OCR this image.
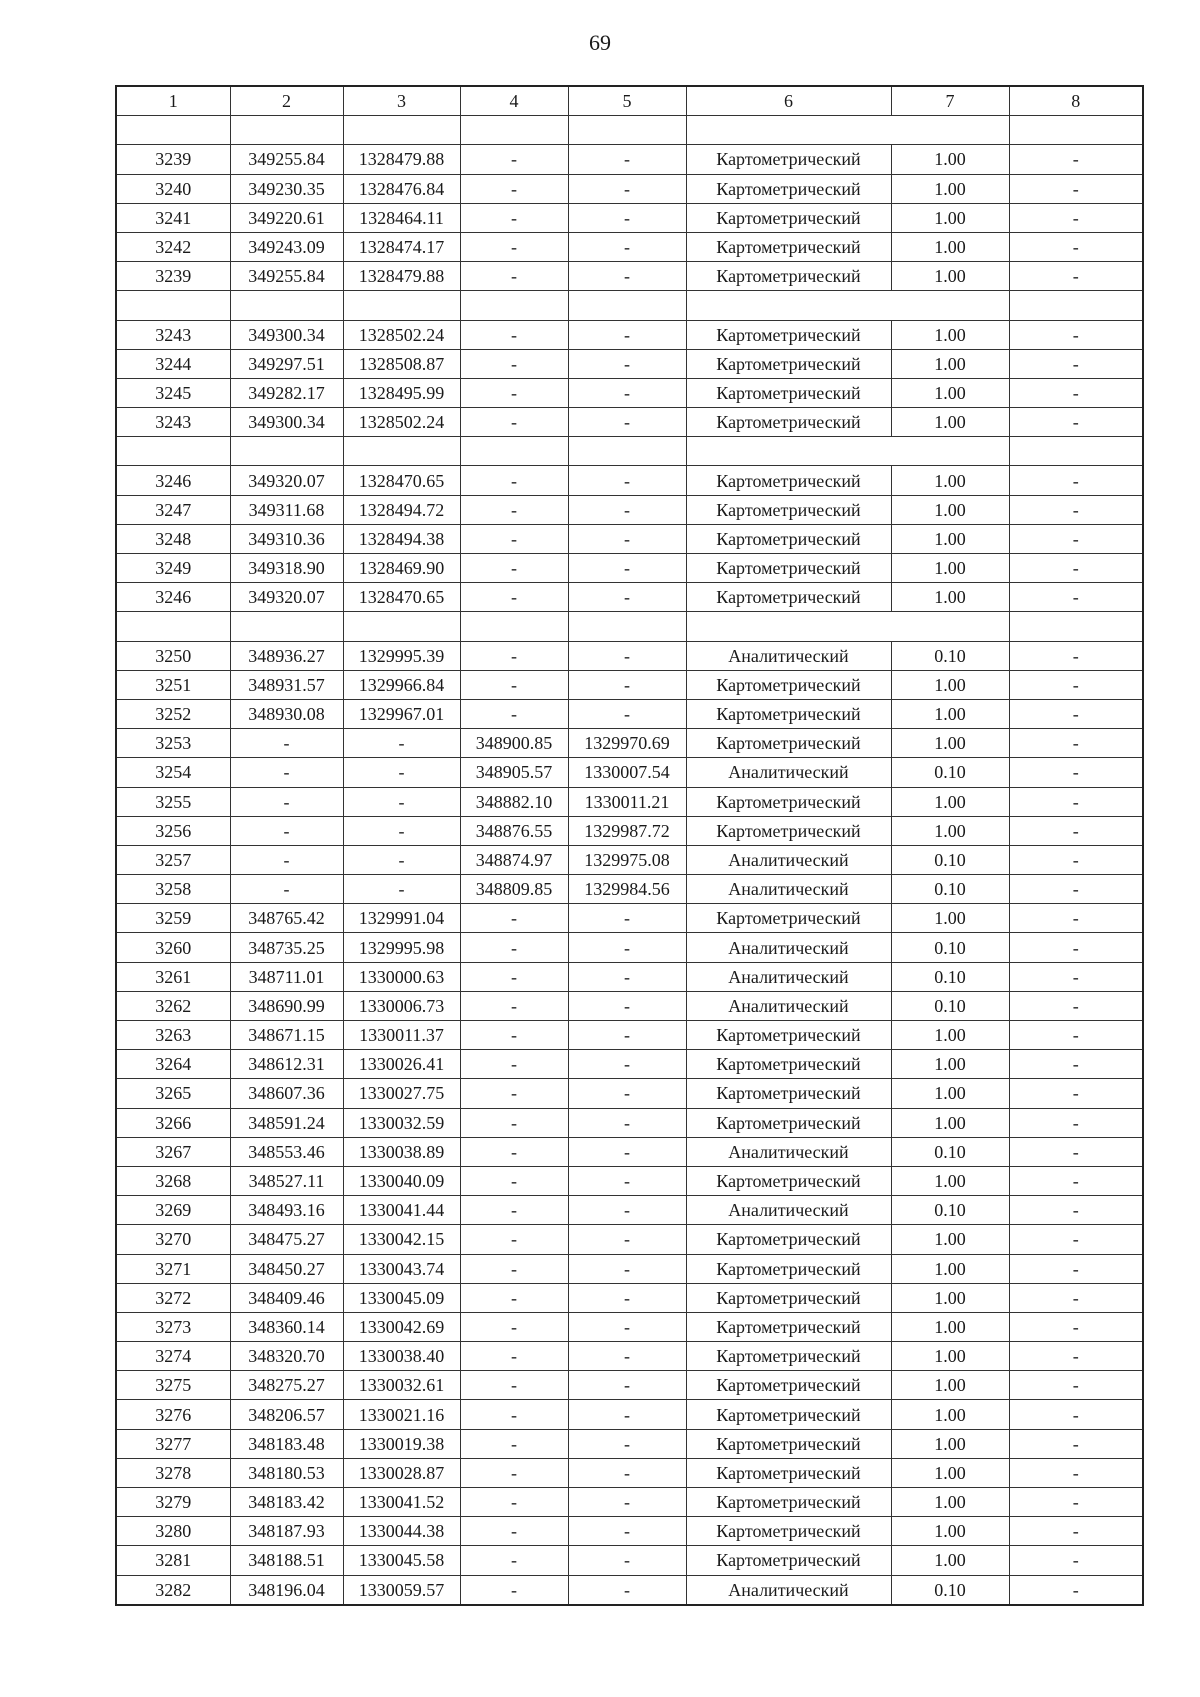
69
1	2	3	4	5	6	7	8

3239	349255.84	1328479.88	-	-	Картометрический	1.00	-
3240	349230.35	1328476.84	-	-	Картометрический	1.00	-
3241	349220.61	1328464.11	-	-	Картометрический	1.00	-
3242	349243.09	1328474.17	-	-	Картометрический	1.00	-
3239	349255.84	1328479.88	-	-	Картометрический	1.00	-

3243	349300.34	1328502.24	-	-	Картометрический	1.00	-
3244	349297.51	1328508.87	-	-	Картометрический	1.00	-
3245	349282.17	1328495.99	-	-	Картометрический	1.00	-
3243	349300.34	1328502.24	-	-	Картометрический	1.00	-

3246	349320.07	1328470.65	-	-	Картометрический	1.00	-
3247	349311.68	1328494.72	-	-	Картометрический	1.00	-
3248	349310.36	1328494.38	-	-	Картометрический	1.00	-
3249	349318.90	1328469.90	-	-	Картометрический	1.00	-
3246	349320.07	1328470.65	-	-	Картометрический	1.00	-

3250	348936.27	1329995.39	-	-	Аналитический	0.10	-
3251	348931.57	1329966.84	-	-	Картометрический	1.00	-
3252	348930.08	1329967.01	-	-	Картометрический	1.00	-
3253	-	-	348900.85	1329970.69	Картометрический	1.00	-
3254	-	-	348905.57	1330007.54	Аналитический	0.10	-
3255	-	-	348882.10	1330011.21	Картометрический	1.00	-
3256	-	-	348876.55	1329987.72	Картометрический	1.00	-
3257	-	-	348874.97	1329975.08	Аналитический	0.10	-
3258	-	-	348809.85	1329984.56	Аналитический	0.10	-
3259	348765.42	1329991.04	-	-	Картометрический	1.00	-
3260	348735.25	1329995.98	-	-	Аналитический	0.10	-
3261	348711.01	1330000.63	-	-	Аналитический	0.10	-
3262	348690.99	1330006.73	-	-	Аналитический	0.10	-
3263	348671.15	1330011.37	-	-	Картометрический	1.00	-
3264	348612.31	1330026.41	-	-	Картометрический	1.00	-
3265	348607.36	1330027.75	-	-	Картометрический	1.00	-
3266	348591.24	1330032.59	-	-	Картометрический	1.00	-
3267	348553.46	1330038.89	-	-	Аналитический	0.10	-
3268	348527.11	1330040.09	-	-	Картометрический	1.00	-
3269	348493.16	1330041.44	-	-	Аналитический	0.10	-
3270	348475.27	1330042.15	-	-	Картометрический	1.00	-
3271	348450.27	1330043.74	-	-	Картометрический	1.00	-
3272	348409.46	1330045.09	-	-	Картометрический	1.00	-
3273	348360.14	1330042.69	-	-	Картометрический	1.00	-
3274	348320.70	1330038.40	-	-	Картометрический	1.00	-
3275	348275.27	1330032.61	-	-	Картометрический	1.00	-
3276	348206.57	1330021.16	-	-	Картометрический	1.00	-
3277	348183.48	1330019.38	-	-	Картометрический	1.00	-
3278	348180.53	1330028.87	-	-	Картометрический	1.00	-
3279	348183.42	1330041.52	-	-	Картометрический	1.00	-
3280	348187.93	1330044.38	-	-	Картометрический	1.00	-
3281	348188.51	1330045.58	-	-	Картометрический	1.00	-
3282	348196.04	1330059.57	-	-	Аналитический	0.10	-
